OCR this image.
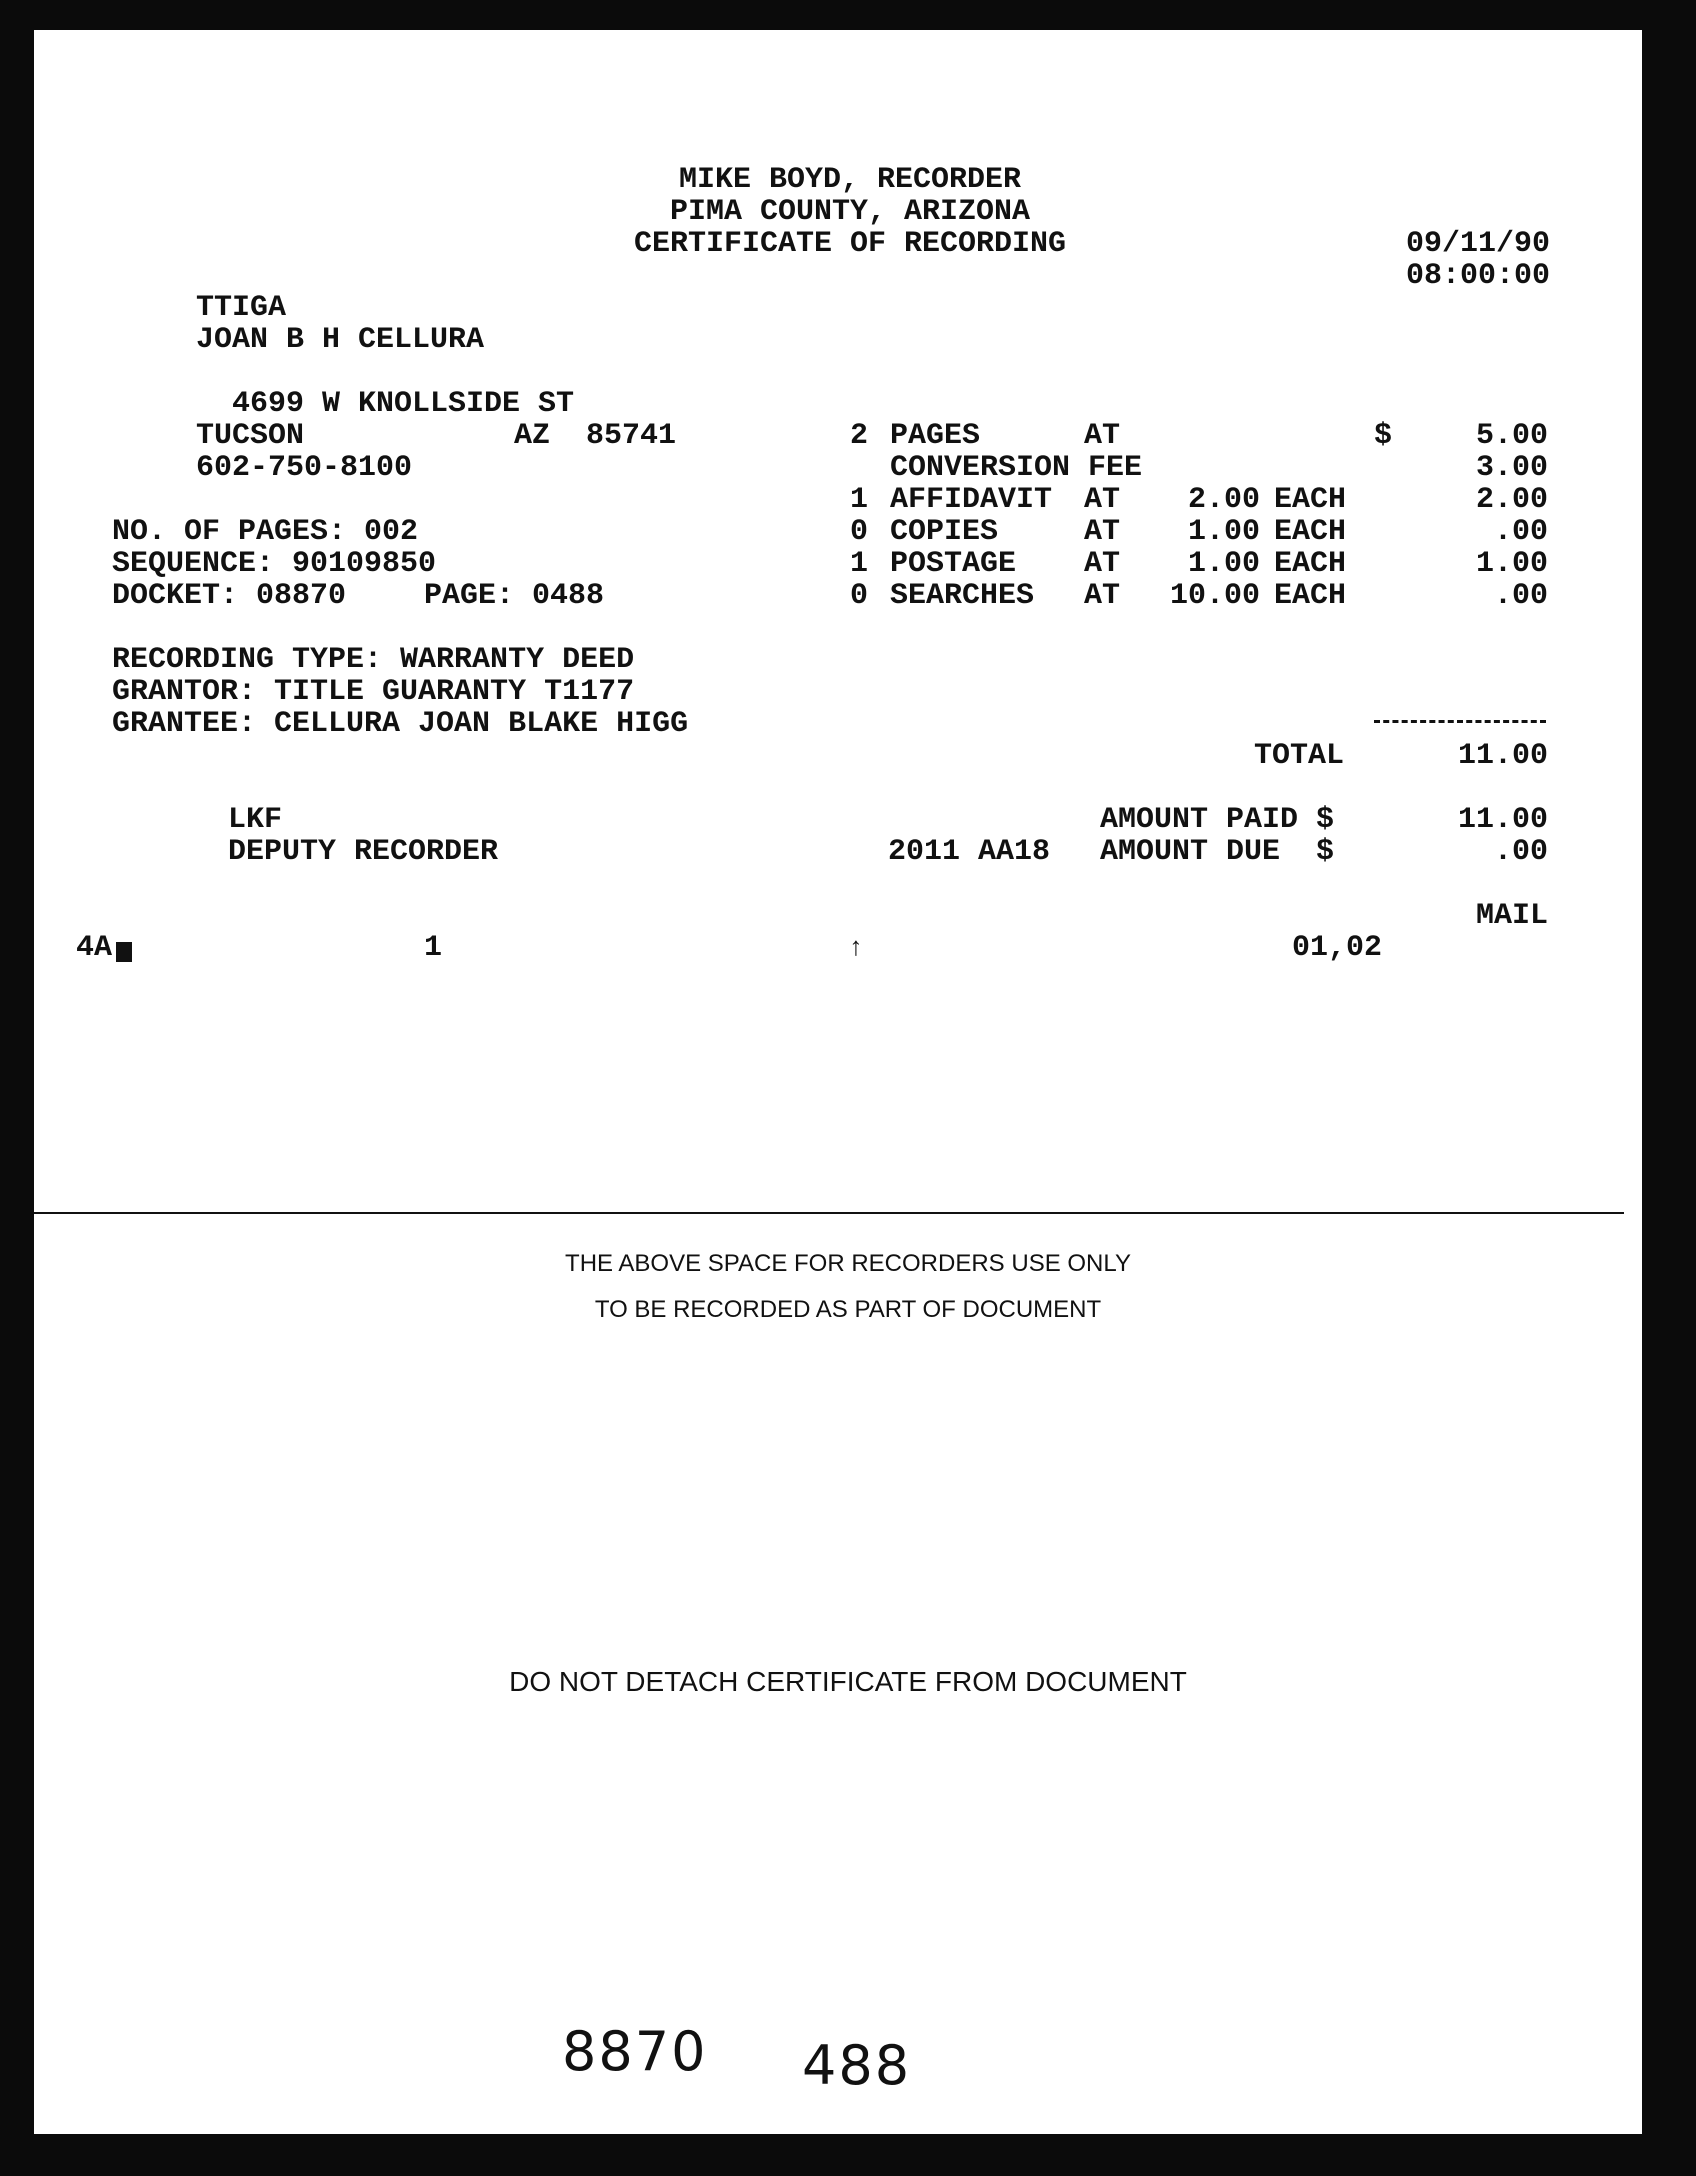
MIKE BOYD, RECORDER
PIMA COUNTY, ARIZONA
CERTIFICATE OF RECORDING	09/11/90
08:00:00
TTIGA
JOAN B H CELLURA
4699 W KNOLLSIDE ST
TUCSON	AZ  85741
602-750-8100
NO. OF PAGES: 002
SEQUENCE: 90109850
DOCKET: 08870	PAGE: 0488
RECORDING TYPE: WARRANTY DEED
GRANTOR: TITLE GUARANTY T1177
GRANTEE: CELLURA JOAN BLAKE HIGG
2 PAGES	AT	$	5.00
CONVERSION FEE	3.00
1 AFFIDAVIT AT	2.00 EACH	2.00
0 COPIES	AT	1.00 EACH	.00
1 POSTAGE AT	1.00 EACH	1.00
0 SEARCHES AT	10.00 EACH	.00
TOTAL	11.00
LKF
DEPUTY RECORDER
AMOUNT PAID $	11.00
2011 AA18 AMOUNT DUE  $	.00
MAIL
4A	1	↑	01,02
THE ABOVE SPACE FOR RECORDERS USE ONLY
TO BE RECORDED AS PART OF DOCUMENT
DO NOT DETACH CERTIFICATE FROM DOCUMENT
8870 488
